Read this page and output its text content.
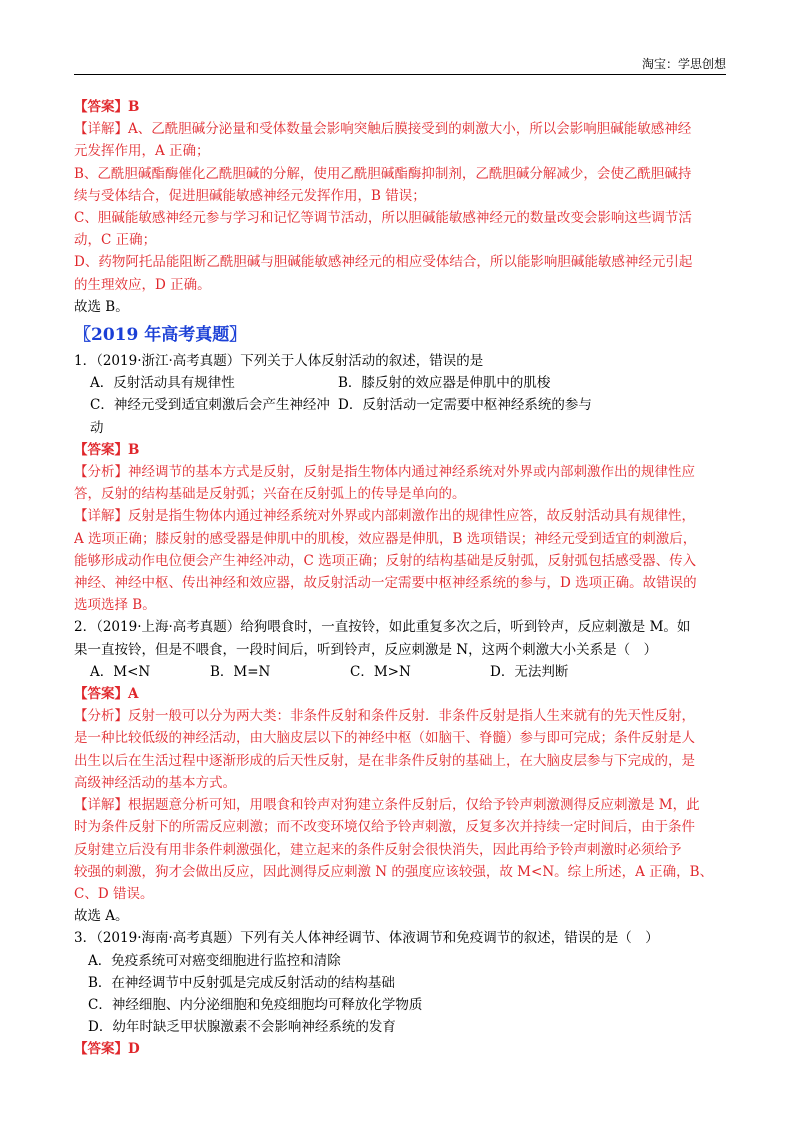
淘宝：学思创想
【答案】B
【详解】A、乙酰胆碱分泌量和受体数量会影响突触后膜接受到的刺激大小，所以会影响胆碱能敏感神经
元发挥作用，A 正确；
B、乙酰胆碱酯酶催化乙酰胆碱的分解，使用乙酰胆碱酯酶抑制剂，乙酰胆碱分解减少，会使乙酰胆碱持
续与受体结合，促进胆碱能敏感神经元发挥作用，B 错误；
C、胆碱能敏感神经元参与学习和记忆等调节活动，所以胆碱能敏感神经元的数量改变会影响这些调节活
动，C 正确；
D、药物阿托品能阻断乙酰胆碱与胆碱能敏感神经元的相应受体结合，所以能影响胆碱能敏感神经元引起
的生理效应，D 正确。
故选 B。
〖2019 年高考真题〗
1．（2019·浙江·高考真题）下列关于人体反射活动的叙述，错误的是
A．反射活动具有规律性	B．膝反射的效应器是伸肌中的肌梭
C．神经元受到适宜刺激后会产生神经冲动
D．反射活动一定需要中枢神经系统的参与
【答案】B
【分析】神经调节的基本方式是反射，反射是指生物体内通过神经系统对外界或内部刺激作出的规律性应
答，反射的结构基础是反射弧；兴奋在反射弧上的传导是单向的。
【详解】反射是指生物体内通过神经系统对外界或内部刺激作出的规律性应答，故反射活动具有规律性，
A 选项正确；膝反射的感受器是伸肌中的肌梭，效应器是伸肌，B 选项错误；神经元受到适宜的刺激后，
能够形成动作电位便会产生神经冲动，C 选项正确；反射的结构基础是反射弧，反射弧包括感受器、传入
神经、神经中枢、传出神经和效应器，故反射活动一定需要中枢神经系统的参与，D 选项正确。故错误的
选项选择 B。
2．（2019·上海·高考真题）给狗喂食时，一直按铃，如此重复多次之后，听到铃声，反应刺激是 M。如
果一直按铃，但是不喂食，一段时间后，听到铃声，反应刺激是 N，这两个刺激大小关系是（　）
A．M<N	B．M=N	C．M>N	D．无法判断
【答案】A
【分析】反射一般可以分为两大类：非条件反射和条件反射．非条件反射是指人生来就有的先天性反射，
是一种比较低级的神经活动，由大脑皮层以下的神经中枢（如脑干、脊髓）参与即可完成；条件反射是人
出生以后在生活过程中逐渐形成的后天性反射，是在非条件反射的基础上，在大脑皮层参与下完成的，是
高级神经活动的基本方式。
【详解】根据题意分析可知，用喂食和铃声对狗建立条件反射后，仅给予铃声刺激测得反应刺激是 M，此
时为条件反射下的所需反应刺激；而不改变环境仅给予铃声刺激，反复多次并持续一定时间后，由于条件
反射建立后没有用非条件刺激强化，建立起来的条件反射会很快消失，因此再给予铃声刺激时必须给予
较强的刺激，狗才会做出反应，因此测得反应刺激 N 的强度应该较强，故 M<N。综上所述，A 正确，B、
C、D 错误。
故选 A。
3．（2019·海南·高考真题）下列有关人体神经调节、体液调节和免疫调节的叙述，错误的是（　）
A．免疫系统可对癌变细胞进行监控和清除
B．在神经调节中反射弧是完成反射活动的结构基础
C．神经细胞、内分泌细胞和免疫细胞均可释放化学物质
D．幼年时缺乏甲状腺激素不会影响神经系统的发育
【答案】D
